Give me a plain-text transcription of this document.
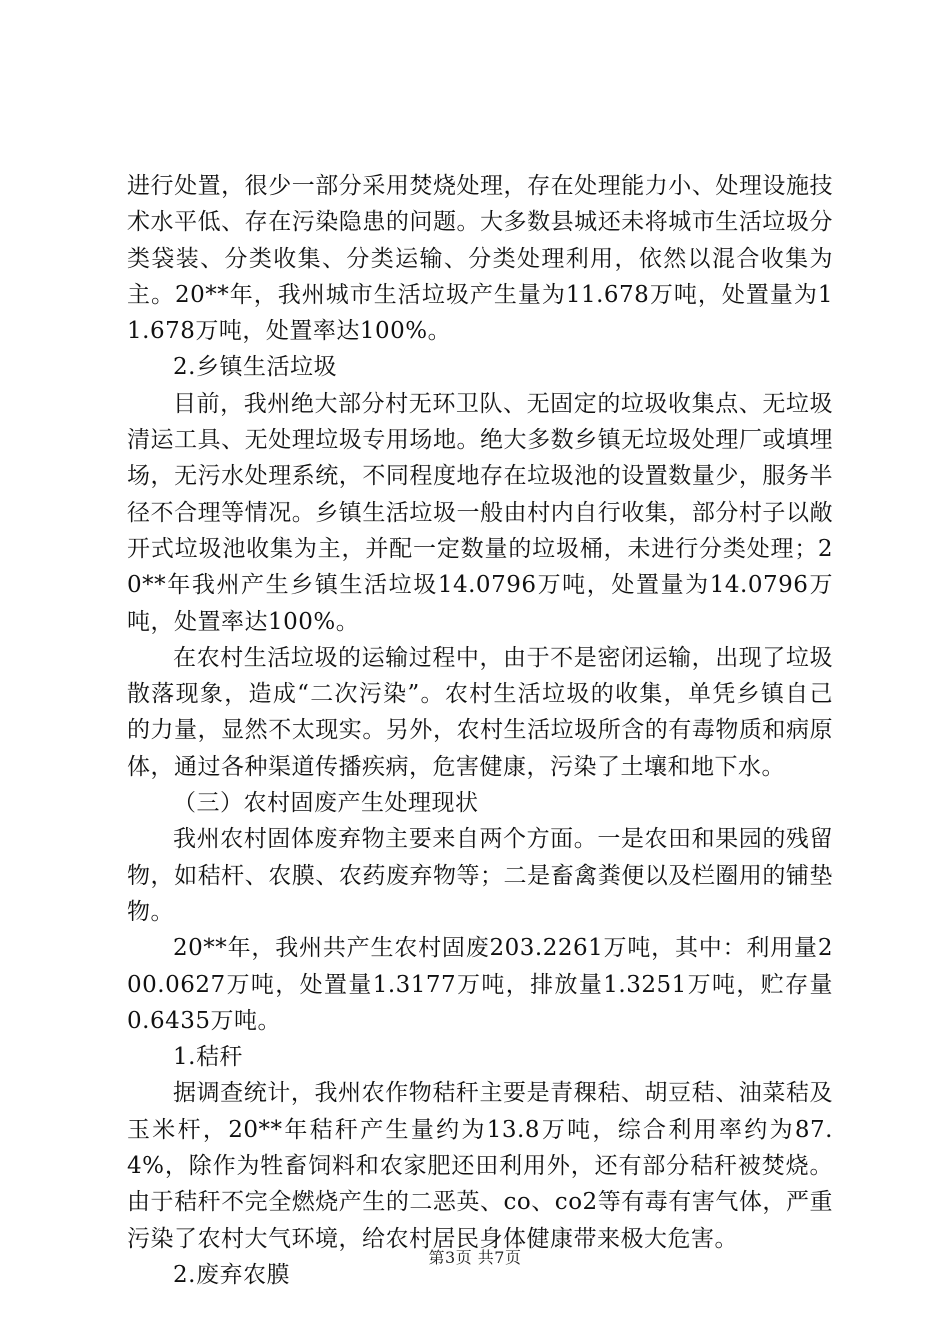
进行处置，很少一部分采用焚烧处理，存在处理能力小、处理设施技术水平低、存在污染隐患的问题。大多数县城还未将城市生活垃圾分类袋装、分类收集、分类运输、分类处理利用，依然以混合收集为主。20**年，我州城市生活垃圾产生量为11.678万吨，处置量为11.678万吨，处置率达100%。

2.乡镇生活垃圾

目前，我州绝大部分村无环卫队、无固定的垃圾收集点、无垃圾清运工具、无处理垃圾专用场地。绝大多数乡镇无垃圾处理厂或填埋场，无污水处理系统，不同程度地存在垃圾池的设置数量少，服务半径不合理等情况。乡镇生活垃圾一般由村内自行收集，部分村子以敞开式垃圾池收集为主，并配一定数量的垃圾桶，未进行分类处理；20**年我州产生乡镇生活垃圾14.0796万吨，处置量为14.0796万吨，处置率达100%。

在农村生活垃圾的运输过程中，由于不是密闭运输，出现了垃圾散落现象，造成“二次污染”。农村生活垃圾的收集，单凭乡镇自己的力量，显然不太现实。另外，农村生活垃圾所含的有毒物质和病原体，通过各种渠道传播疾病，危害健康，污染了土壤和地下水。

（三）农村固废产生处理现状

我州农村固体废弃物主要来自两个方面。一是农田和果园的残留物，如秸杆、农膜、农药废弃物等；二是畜禽粪便以及栏圈用的铺垫物。

20**年，我州共产生农村固废203.2261万吨，其中：利用量200.0627万吨，处置量1.3177万吨，排放量1.3251万吨，贮存量0.6435万吨。

1.秸秆

据调查统计，我州农作物秸秆主要是青稞秸、胡豆秸、油菜秸及玉米杆，20**年秸秆产生量约为13.8万吨，综合利用率约为87.4%，除作为牲畜饲料和农家肥还田利用外，还有部分秸秆被焚烧。由于秸秆不完全燃烧产生的二恶英、co、co2等有毒有害气体，严重污染了农村大气环境，给农村居民身体健康带来极大危害。

2.废弃农膜

第3页 共7页
